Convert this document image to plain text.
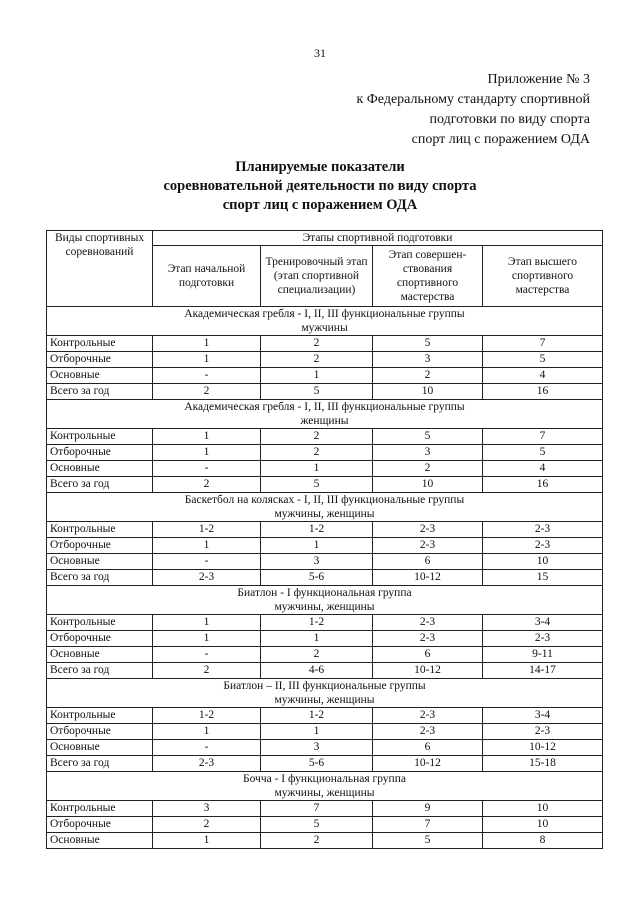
31
Приложение № 3
к Федеральному стандарту спортивной
подготовки по виду спорта
спорт лиц с поражением ОДА
Планируемые показатели
соревновательной деятельности по виду спорта
спорт лиц с поражением ОДА
Виды спортивных соревнований	Этапы спортивной подготовки			
	Этап начальной подготовки	Тренировочный этап (этап спортивной специализации)	Этап совершен-ствования спортивного мастерства	Этап высшего спортивного мастерства

Академическая гребля - I, II, III функциональные группы
мужчины				

Контрольные	1	2	5	7
Отборочные	1	2	3	5
Основные	-	1	2	4
Всего за год	2	5	10	16

Академическая гребля - I, II, III функциональные группы
женщины				

Контрольные	1	2	5	7
Отборочные	1	2	3	5
Основные	-	1	2	4
Всего за год	2	5	10	16

Баскетбол на колясках - I, II, III функциональные группы
мужчины, женщины				

Контрольные	1-2	1-2	2-3	2-3
Отборочные	1	1	2-3	2-3
Основные	-	3	6	10
Всего за год	2-3	5-6	10-12	15

Биатлон - I функциональная группа
мужчины, женщины				

Контрольные	1	1-2	2-3	3-4
Отборочные	1	1	2-3	2-3
Основные	-	2	6	9-11
Всего за год	2	4-6	10-12	14-17

Биатлон – II, III функциональные группы
мужчины, женщины				

Контрольные	1-2	1-2	2-3	3-4
Отборочные	1	1	2-3	2-3
Основные	-	3	6	10-12
Всего за год	2-3	5-6	10-12	15-18

Бочча - I функциональная группа
мужчины, женщины				

Контрольные	3	7	9	10
Отборочные	2	5	7	10
Основные	1	2	5	8
